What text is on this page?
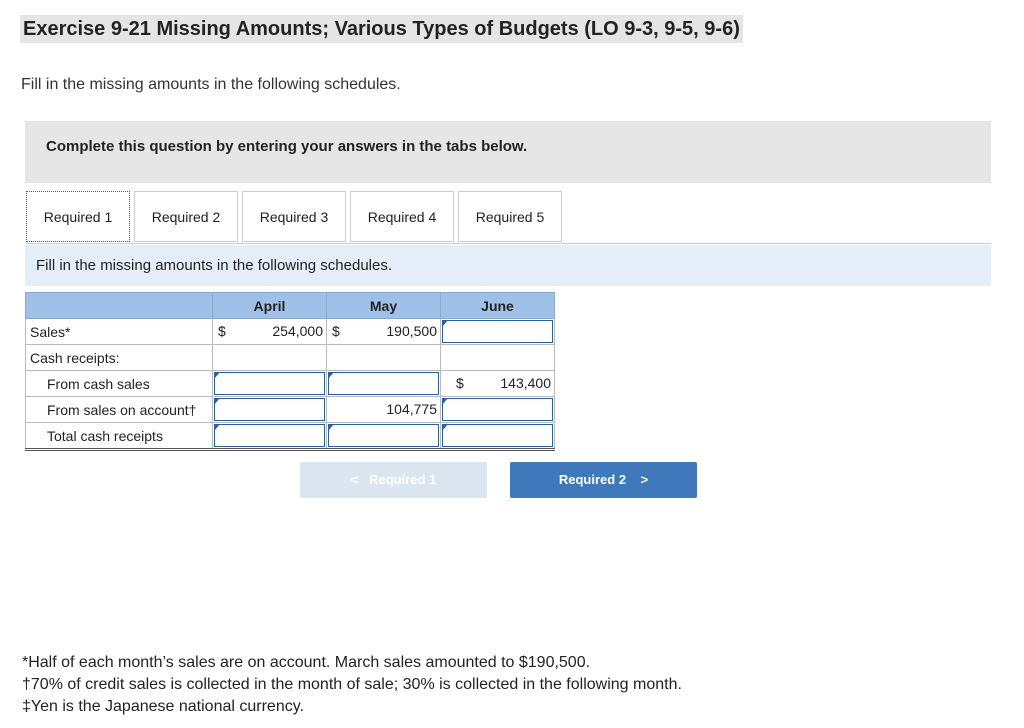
Exercise 9-21 Missing Amounts; Various Types of Budgets (LO 9-3, 9-5, 9-6)
Fill in the missing amounts in the following schedules.
Complete this question by entering your answers in the tabs below.
Required 1	Required 2	Required 3	Required 4	Required 5
Fill in the missing amounts in the following schedules.
	April	May	June
Sales*	$ 254,000	$ 190,500	

Cash receipts:			
From cash sales			$ 143,400

From sales on account†		104,775	

Total cash receipts	

< Required 1	Required 2 >
*Half of each month’s sales are on account. March sales amounted to $190,500.
†70% of credit sales is collected in the month of sale; 30% is collected in the following month.
‡Yen is the Japanese national currency.
